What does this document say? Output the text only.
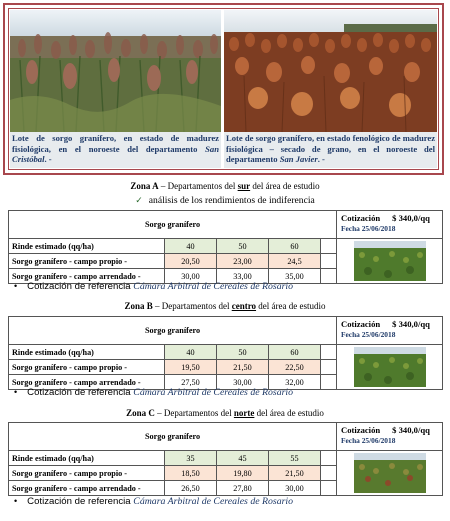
Lote de sorgo granífero, en estado de madurez fisiológica, en el noroeste del departamento San Cristóbal. -
Lote de sorgo granífero, en estado fenológico de madurez fisiológica – secado de grano, en el noroeste del departamento San Javier. -
Zona A – Departamentos del sur del área de estudio
✓ análisis de los rendimientos de indiferencia
Sorgo granífero					Cotización $ 340,0/qq
Fecha 25/06/2018

Rinde estimado (qq/ha)	40	50	60		

Sorgo granífero - campo propio -	20,50	23,00	24,5		
Sorgo granífero - campo arrendado -	30,00	33,00	35,00		
• Cotización de referencia Cámara Arbitral de Cereales de Rosario
Zona B – Departamentos del centro del área de estudio
Sorgo granífero					Cotización $ 340,0/qq
Fecha 25/06/2018

Rinde estimado (qq/ha)	40	50	60		

Sorgo granífero - campo propio -	19,50	21,50	22,50		
Sorgo granífero - campo arrendado -	27,50	30,00	32,00		
• Cotización de referencia Cámara Arbitral de Cereales de Rosario
Zona C – Departamentos del norte del área de estudio
Sorgo granífero					Cotización $ 340,0/qq
Fecha 25/06/2018

Rinde estimado (qq/ha)	35	45	55		

Sorgo granífero - campo propio -	18,50	19,80	21,50		
Sorgo granífero - campo arrendado -	26,50	27,80	30,00		
• Cotización de referencia Cámara Arbitral de Cereales de Rosario
